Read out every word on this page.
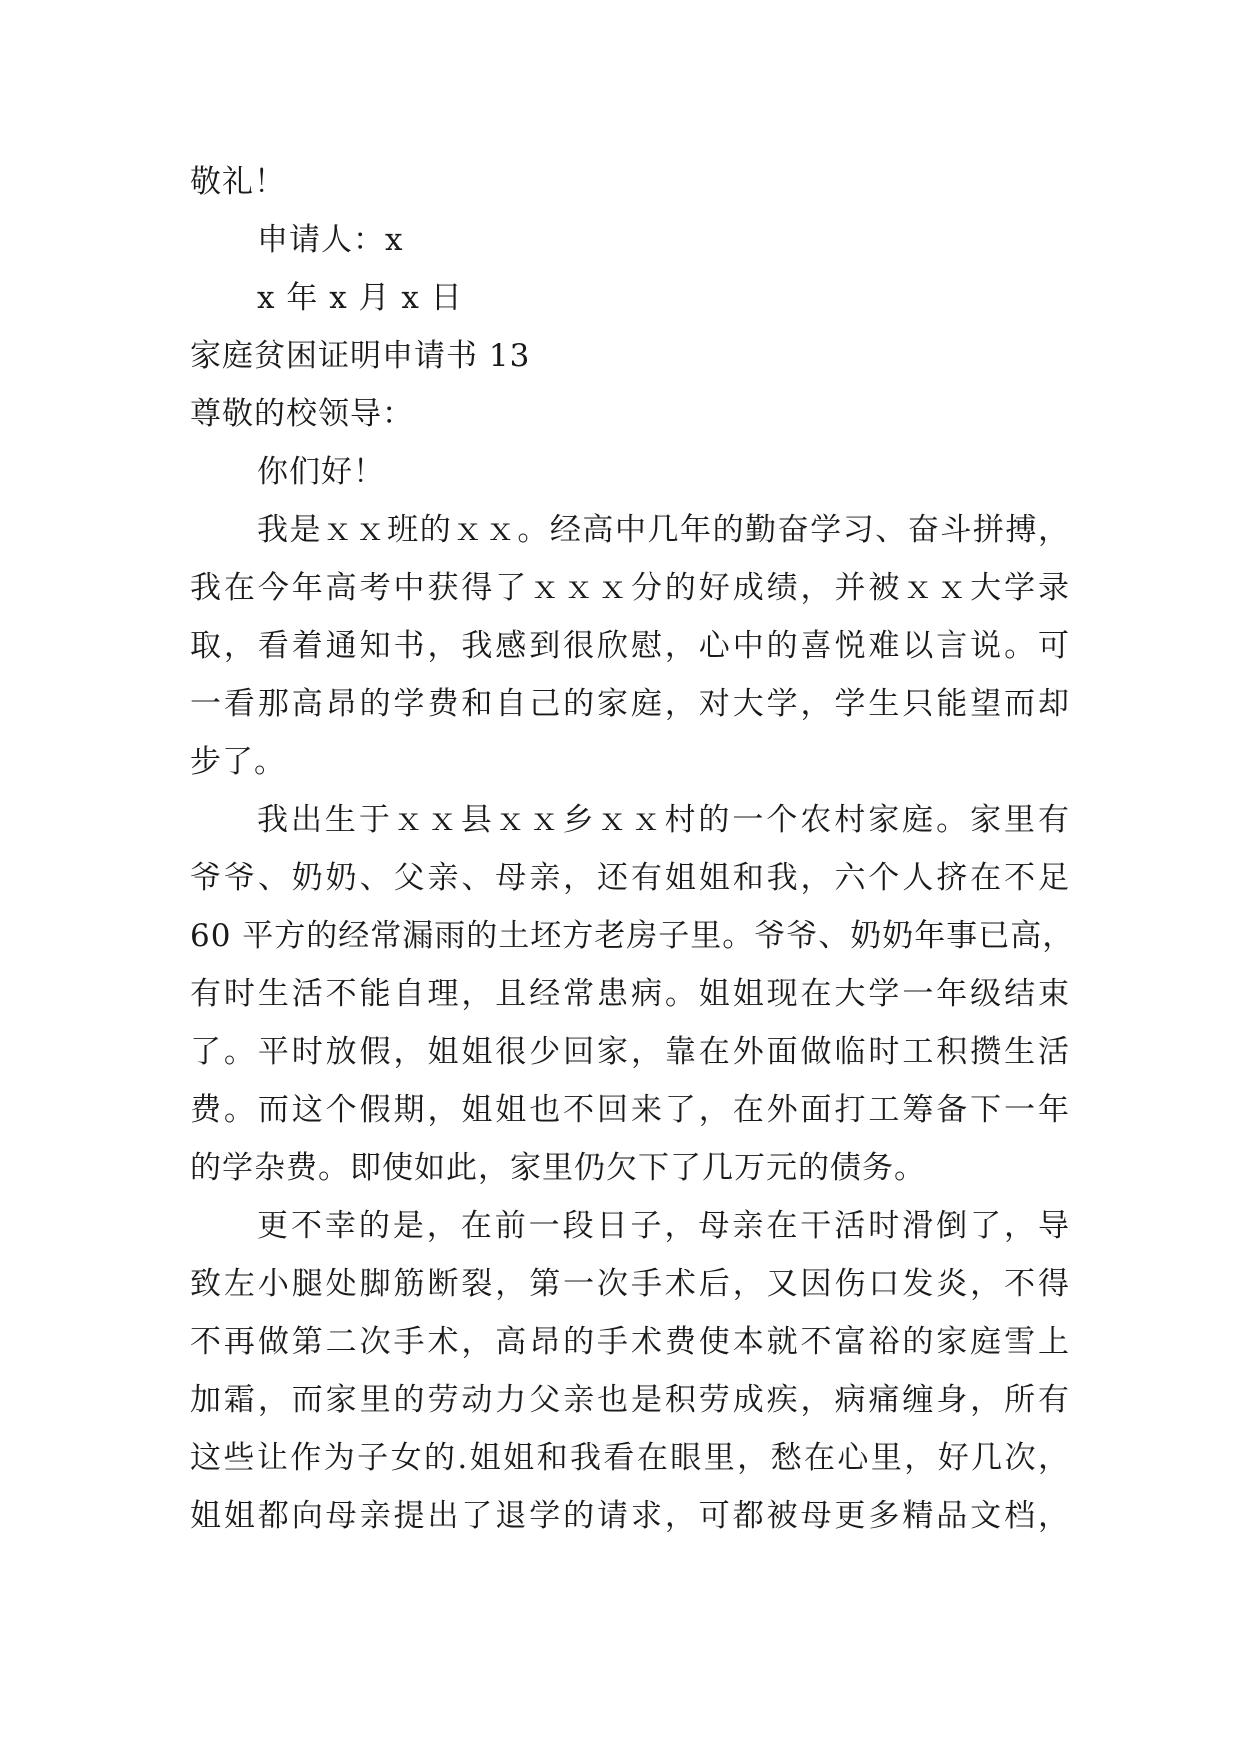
敬礼！

申请人：x

x 年 x 月 x 日

家庭贫困证明申请书 13

尊敬的校领导：

你们好！

我是ｘｘ班的ｘｘ。经高中几年的勤奋学习、奋斗拼搏，

我在今年高考中获得了ｘｘｘ分的好成绩，并被ｘｘ大学录

取，看着通知书，我感到很欣慰，心中的喜悦难以言说。可

一看那高昂的学费和自己的家庭，对大学，学生只能望而却

步了。

我出生于ｘｘ县ｘｘ乡ｘｘ村的一个农村家庭。家里有

爷爷、奶奶、父亲、母亲，还有姐姐和我，六个人挤在不足

60 平方的经常漏雨的土坯方老房子里。爷爷、奶奶年事已高，

有时生活不能自理，且经常患病。姐姐现在大学一年级结束

了。平时放假，姐姐很少回家，靠在外面做临时工积攒生活

费。而这个假期，姐姐也不回来了，在外面打工筹备下一年

的学杂费。即使如此，家里仍欠下了几万元的债务。

更不幸的是，在前一段日子，母亲在干活时滑倒了，导

致左小腿处脚筋断裂，第一次手术后，又因伤口发炎，不得

不再做第二次手术，高昂的手术费使本就不富裕的家庭雪上

加霜，而家里的劳动力父亲也是积劳成疾，病痛缠身，所有

这些让作为子女的.姐姐和我看在眼里，愁在心里，好几次，

姐姐都向母亲提出了退学的请求，可都被母更多精品文档，
